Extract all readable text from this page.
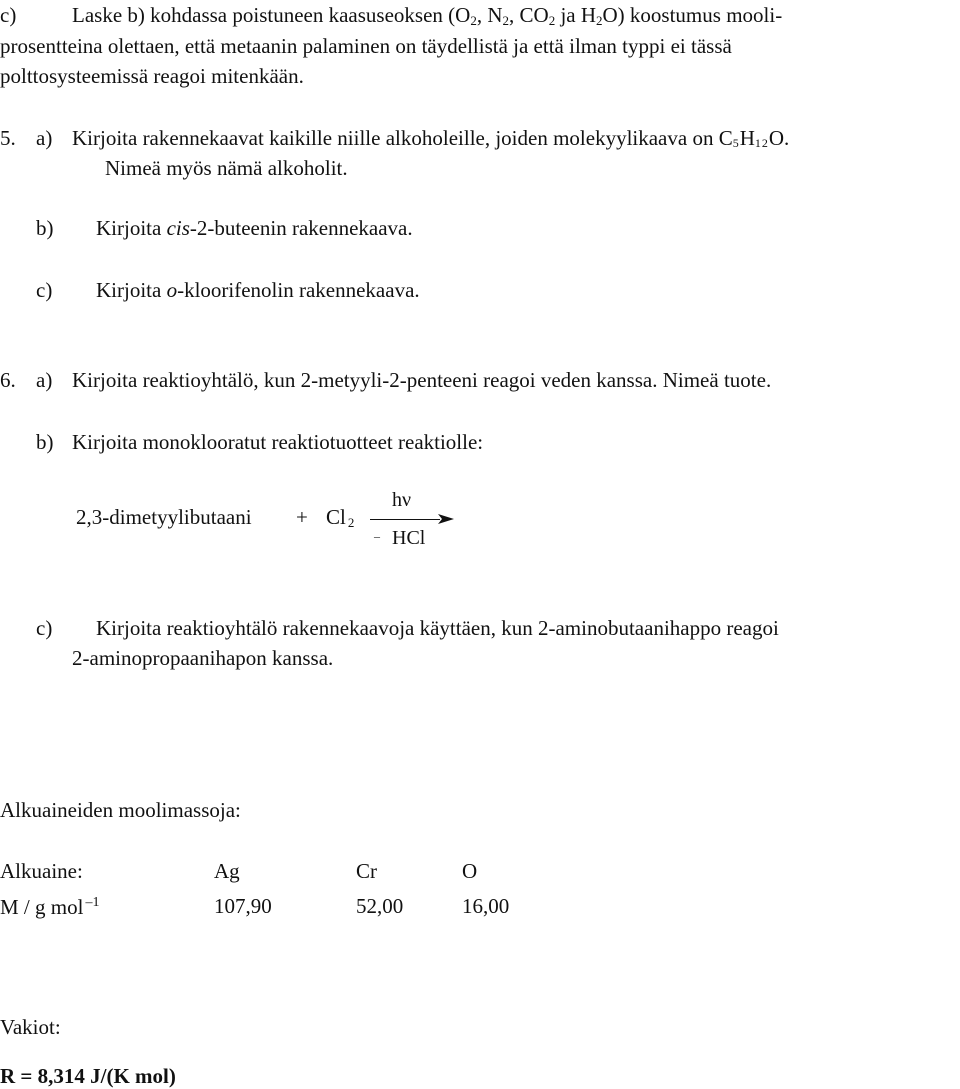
c)	Laske b) kohdassa poistuneen kaasuseoksen ($O_2$, $N_2$, $CO_2$ ja $H_2O$) koostumus mooli-
prosentteina olettaen, että metaanin palaminen on täydellistä ja että ilman typpi ei tässä
polttosysteemissä reagoi mitenkään.
5. a) Kirjoita rakennekaavat kaikille niille alkoholeille, joiden molekyylikaava on C5H12O.
Nimeä myös nämä alkoholit.
b) Kirjoita cis-2-buteenin rakennekaava.
c) Kirjoita o-kloorifenolin rakennekaava.
6. a) Kirjoita reaktioyhtälö, kun 2-metyyli-2-penteeni reagoi veden kanssa. Nimeä tuote.
b) Kirjoita monoklooratut reaktiotuotteet reaktiolle:
2,3-dimetyylibutaani + Cl $_2$
hν
– HCl
c) Kirjoita reaktioyhtälö rakennekaavoja käyttäen, kun 2-aminobutaanihappo reagoi
2-aminopropaanihapon kanssa.
Alkuaineiden moolimassoja:
Alkuaine:	Ag	Cr	O
M / g mol $^{-1}$	107,90	52,00	16,00
Vakiot:
R = 8,314 J/(K mol)
